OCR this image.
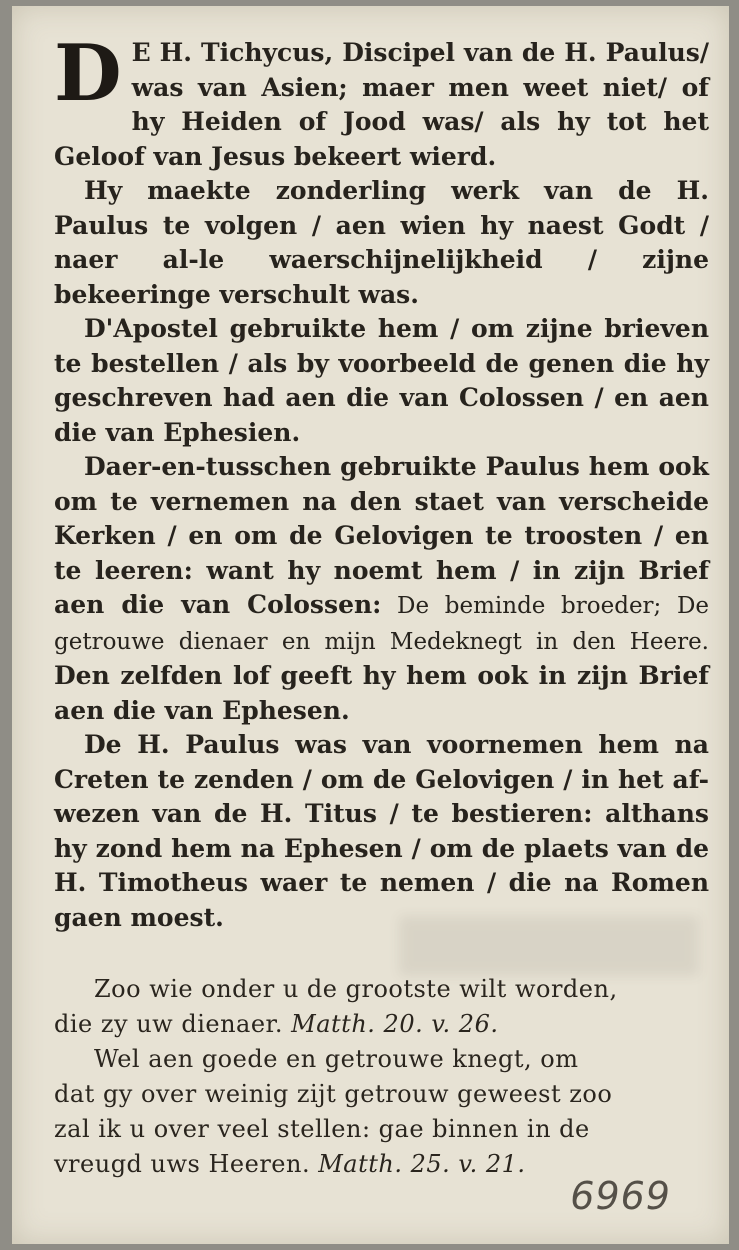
D E H. Tichycus, Discipel van de H. Paulus/ was van Asien; maer men weet niet/ of hy Heiden of Jood was/ als hy tot het Geloof van Jesus bekeert wierd.

Hy maekte zonderling werk van de H. Paulus te volgen / aen wien hy naest Godt / naer al-le waerschijnelijkheid / zijne bekeeringe verschult was.

D'Apostel gebruikte hem / om zijne brieven te bestellen / als by voorbeeld de genen die hy geschreven had aen die van Colossen / en aen die van Ephesien.

Daer-en-tusschen gebruikte Paulus hem ook om te vernemen na den staet van verscheide Kerken / en om de Gelovigen te troosten / en te leeren: want hy noemt hem / in zijn Brief aen die van Colossen: De beminde broeder; De getrouwe dienaer en mijn Medeknegt in den Heere. Den zelfden lof geeft hy hem ook in zijn Brief aen die van Ephesen.

De H. Paulus was van voornemen hem na Creten te zenden / om de Gelovigen / in het af-wezen van de H. Titus / te bestieren: althans hy zond hem na Ephesen / om de plaets van de H. Timotheus waer te nemen / die na Romen gaen moest.

Zoo wie onder u de grootste wilt worden,

die zy uw dienaer. Matth. 20. v. 26.

Wel aen goede en getrouwe knegt, om

dat gy over weinig zijt getrouw geweest zoo

zal ik u over veel stellen: gae binnen in de

vreugd uws Heeren. Matth. 25. v. 21.

6969
